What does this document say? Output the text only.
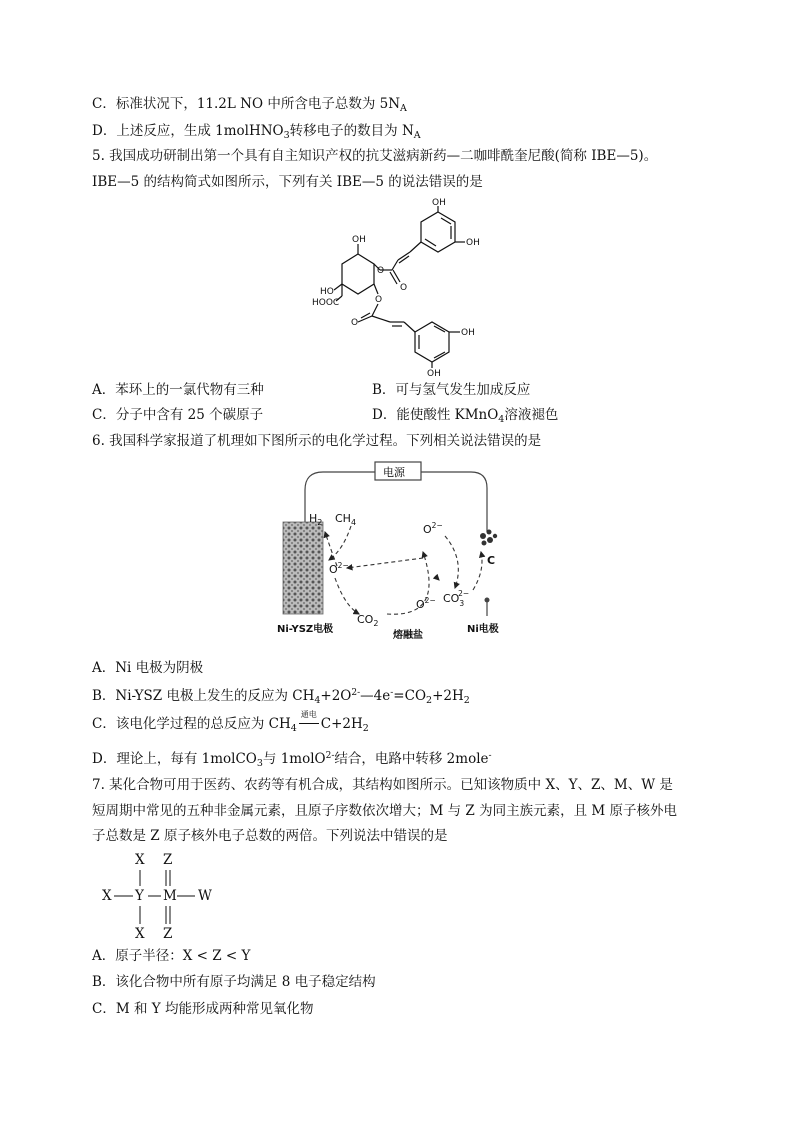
C．标准状况下，11.2L NO 中所含电子总数为 $5N_A$
D．上述反应，生成 1molHNO$_3$转移电子的数目为 $N_A$
5. 我国成功研制出第一个具有自主知识产权的抗艾滋病新药—二咖啡酰奎尼酸(简称 IBE—5)。
IBE—5 的结构简式如图所示，下列有关 IBE—5 的说法错误的是
OH
OH
OH
HO
HOOC
O
O
O
O
OH
OH
A．苯环上的一氯代物有三种	B．可与氢气发生加成反应
C．分子中含有 25 个碳原子	D．能使酸性 KMnO$_4$溶液褪色
6. 我国科学家报道了机理如下图所示的电化学过程。下列相关说法错误的是
电源
$H_2$ $CH_4$
$O^{2-}$
$O^{2-}$
$O^{2-}$ $CO_32-$
$CO_2$
C
Ni-YSZ电极
熔融盐
Ni电极
A．Ni 电极为阴极
B．Ni-YSZ 电极上发生的反应为 $CH_4+2O^{2-}—4e^-=CO_2+2H_2$
C．该电化学过程的总反应为 $CH_4$
通电
$C+2H_2$
D．理论上，每有 1molCO$_3$与 1molO$^{2-}$结合，电路中转移 2mole-
7. 某化合物可用于医药、农药等有机合成，其结构如图所示。已知该物质中 X、Y、Z、M、W 是
短周期中常见的五种非金属元素，且原子序数依次增大；M 与 Z 为同主族元素，且 M 原子核外电
子总数是 Z 原子核外电子总数的两倍。下列说法中错误的是
X Z
X Y M W
X Z
A．原子半径：X < Z < Y
B．该化合物中所有原子均满足 8 电子稳定结构
C．M 和 Y 均能形成两种常见氧化物
